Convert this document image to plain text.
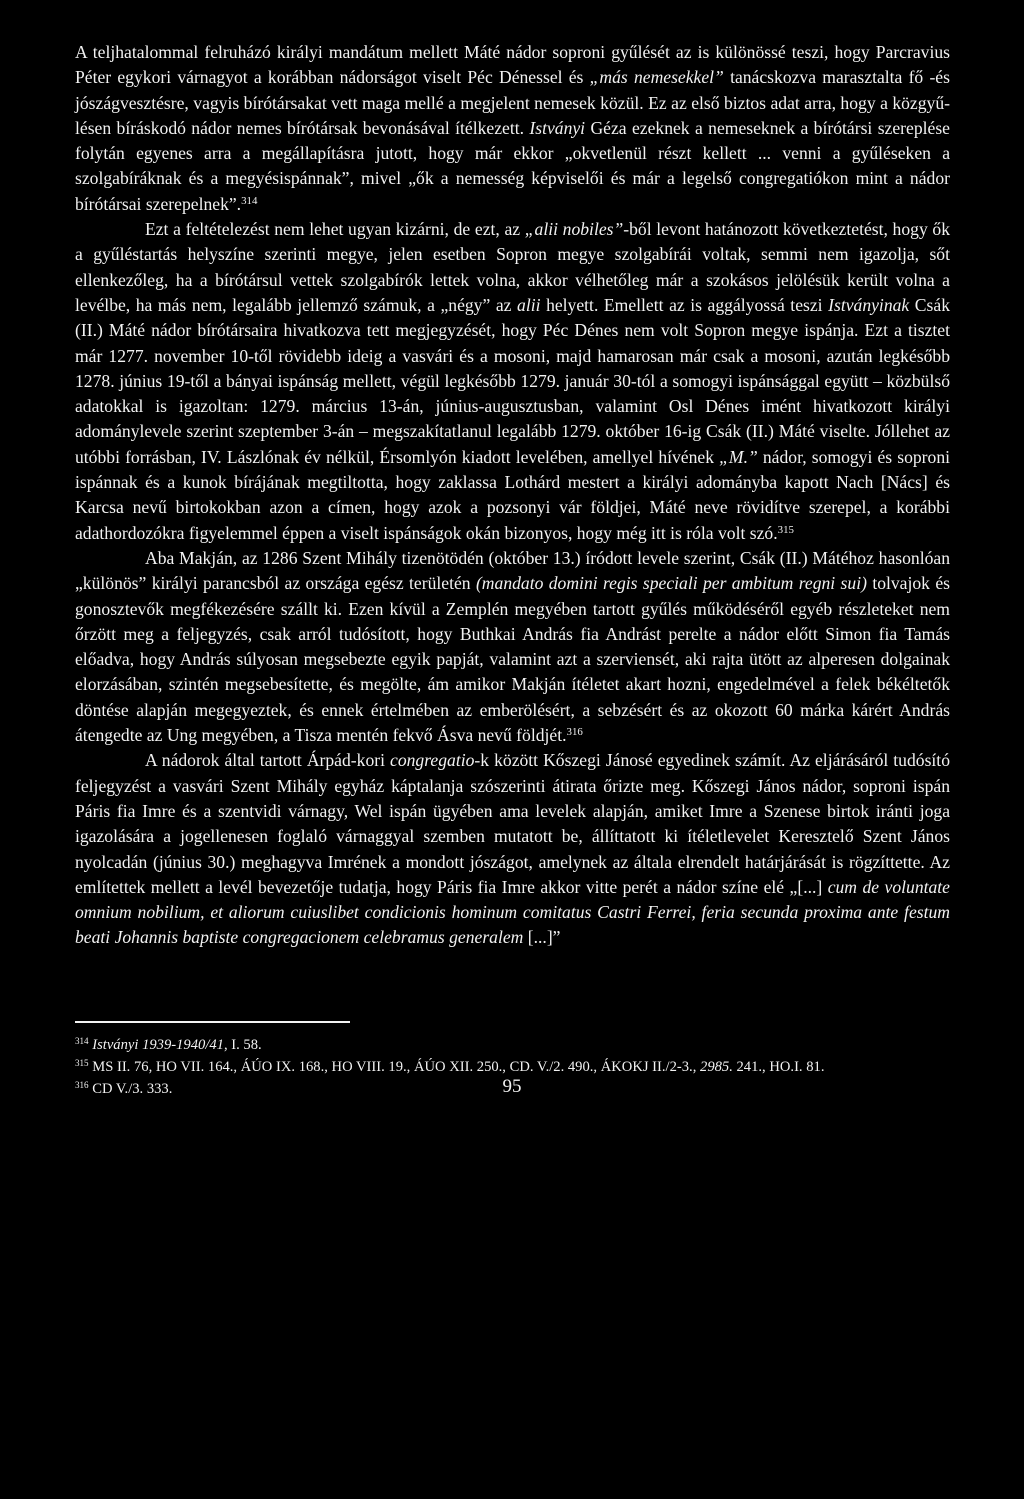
A teljhatalommal felruházó királyi mandátum mellett Máté nádor soproni gyűlését az is különössé teszi, hogy Parcravius Péter egykori várnagyot a korábban nádorságot viselt Péc Dénessel és „más nemesekkel” tanácskozva marasztalta fő -és jószágvesztésre, vagyis bírótársakat vett maga mellé a megjelent nemesek közül. Ez az első biztos adat arra, hogy a közgyűlésen bíráskodó nádor nemes bírótársak bevonásával ítélkezett. Istványi Géza ezeknek a nemeseknek a bírótársi szereplése folytán egyenes arra a megállapításra jutott, hogy már ekkor „okvetlenül részt kellett ... venni a gyűléseken a szolgabíráknak és a megyésispánnak”, mivel „ők a nemesség képviselői és már a legelső congregatiókon mint a nádor bírótársai szerepelnek”.$^{314}$

Ezt a feltételezést nem lehet ugyan kizárni, de ezt, az „alii nobiles”-ből levont hatánozott következtetést, hogy ők a gyűléstartás helyszíne szerinti megye, jelen esetben Sopron megye szolgabírái voltak, semmi nem igazolja, sőt ellenkezőleg, ha a bírótársul vettek szolgabírók lettek volna, akkor vélhetőleg már a szokásos jelölésük került volna a levélbe, ha más nem, legalább jellemző számuk, a „négy” az alii helyett. Emellett az is aggályossá teszi Istványinak Csák (II.) Máté nádor bírótársaira hivatkozva tett megjegyzését, hogy Péc Dénes nem volt Sopron megye ispánja. Ezt a tisztet már 1277. november 10-től rövidebb ideig a vasvári és a mosoni, majd hamarosan már csak a mosoni, azután legkésőbb 1278. június 19-től a bányai ispánság mellett, végül legkésőbb 1279. január 30-tól a somogyi ispánsággal együtt – közbülső adatokkal is igazoltan: 1279. március 13-án, június-augusztusban, valamint Osl Dénes imént hivatkozott királyi adománylevele szerint szeptember 3-án – megszakítatlanul legalább 1279. október 16-ig Csák (II.) Máté viselte. Jóllehet az utóbbi forrásban, IV. Lászlónak év nélkül, Érsomlyón kiadott levelében, amellyel hívének „M.” nádor, somogyi és soproni ispánnak és a kunok bírájának megtiltotta, hogy zaklassa Lothárd mestert a királyi adományba kapott Nach [Nács] és Karcsa nevű birtokokban azon a címen, hogy azok a pozsonyi vár földjei, Máté neve rövidítve szerepel, a korábbi adathordozókra figyelemmel éppen a viselt ispánságok okán bizonyos, hogy még itt is róla volt szó.$^{315}$

Aba Makján, az 1286 Szent Mihály tizenötödén (október 13.) íródott levele szerint, Csák (II.) Mátéhoz hasonlóan „különös” királyi parancsból az országa egész területén (mandato domini regis speciali per ambitum regni sui) tolvajok és gonosztevők megfékezésére szállt ki. Ezen kívül a Zemplén megyében tartott gyűlés működéséről egyéb részleteket nem őrzött meg a feljegyzés, csak arról tudósított, hogy Buthkai András fia Andrást perelte a nádor előtt Simon fia Tamás előadva, hogy András súlyosan megsebezte egyik papját, valamint azt a szerviensét, aki rajta ütött az alperesen dolgainak elorzásában, szintén megsebesítette, és megölte, ám amikor Makján ítéletet akart hozni, engedelmével a felek békéltetők döntése alapján megegyeztek, és ennek értelmében az emberölésért, a sebzésért és az okozott 60 márka kárért András átengedte az Ung megyében, a Tisza mentén fekvő Ásva nevű földjét.$^{316}$

A nádorok által tartott Árpád-kori congregatio-k között Kőszegi Jánosé egyedinek számít. Az eljárásáról tudósító feljegyzést a vasvári Szent Mihály egyház káptalanja szószerinti átirata őrizte meg. Kőszegi János nádor, soproni ispán Páris fia Imre és a szentvidi várnagy, Wel ispán ügyében ama levelek alapján, amiket Imre a Szenese birtok iránti joga igazolására a jogellenesen foglaló várnaggyal szemben mutatott be, állíttatott ki ítéletlevelet Keresztelő Szent János nyolcadán (június 30.) meghagyva Imrének a mondott jószágot, amelynek az általa elrendelt határjárását is rögzíttette. Az említettek mellett a levél bevezetője tudatja, hogy Páris fia Imre akkor vitte perét a nádor színe elé „[...] cum de voluntate omnium nobilium, et aliorum cuiuslibet condicionis hominum comitatus Castri Ferrei, feria secunda proxima ante festum beati Johannis baptiste congregacionem celebramus generalem [...]”

$^{314}$ Istványi 1939-1940/41, I. 58.

$^{315}$ MS II. 76, HO VII. 164., ÁÚO IX. 168., HO VIII. 19., ÁÚO XII. 250., CD. V./2. 490., ÁKOKJ II./2-3., 2985. 241., HO.I. 81.

$^{316}$ CD V./3. 333.	95
